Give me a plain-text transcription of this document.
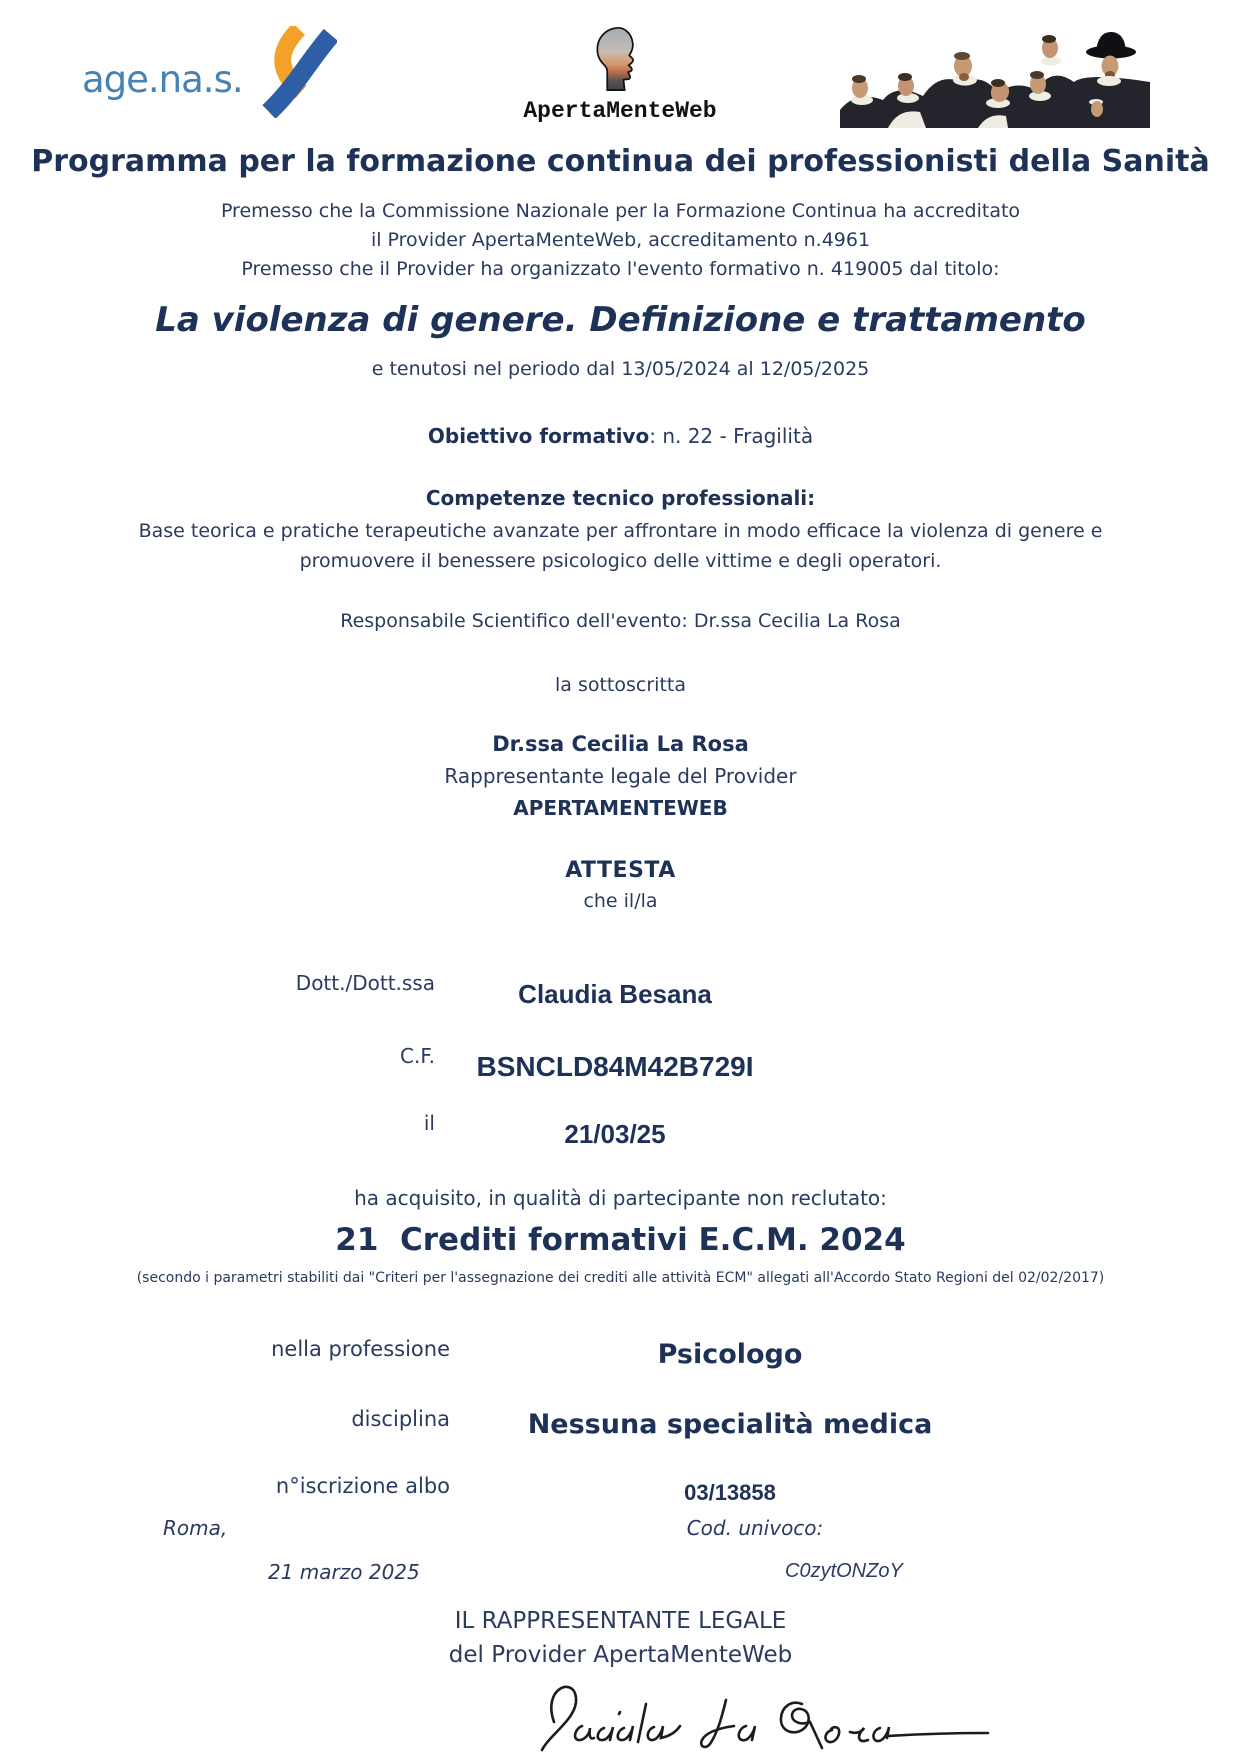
age.na.s.
ApertaMenteWeb
Programma per la formazione continua dei professionisti della Sanità
Premesso che la Commissione Nazionale per la Formazione Continua ha accreditato
il Provider ApertaMenteWeb, accreditamento n.4961
Premesso che il Provider ha organizzato l'evento formativo n. 419005 dal titolo:
La violenza di genere. Definizione e trattamento
e tenutosi nel periodo dal 13/05/2024 al 12/05/2025
Obiettivo formativo: n. 22 - Fragilità
Competenze tecnico professionali:
Base teorica e pratiche terapeutiche avanzate per affrontare in modo efficace la violenza di genere e promuovere il benessere psicologico delle vittime e degli operatori.
Responsabile Scientifico dell'evento: Dr.ssa Cecilia La Rosa
la sottoscritta
Dr.ssa Cecilia La Rosa
Rappresentante legale del Provider
APERTAMENTEWEB
ATTESTA
che il/la
Dott./Dott.ssa	Claudia Besana
C.F.	BSNCLD84M42B729I
il	21/03/25
ha acquisito, in qualità di partecipante non reclutato:
21  Crediti formativi E.C.M. 2024
(secondo i parametri stabiliti dai "Criteri per l'assegnazione dei crediti alle attività ECM" allegati all'Accordo Stato Regioni del 02/02/2017)
nella professione	Psicologo
disciplina	Nessuna specialità medica
n°iscrizione albo	03/13858
Roma,	Cod. univoco:
21 marzo 2025	C0zytONZoY
IL RAPPRESENTANTE LEGALE
del Provider ApertaMenteWeb
